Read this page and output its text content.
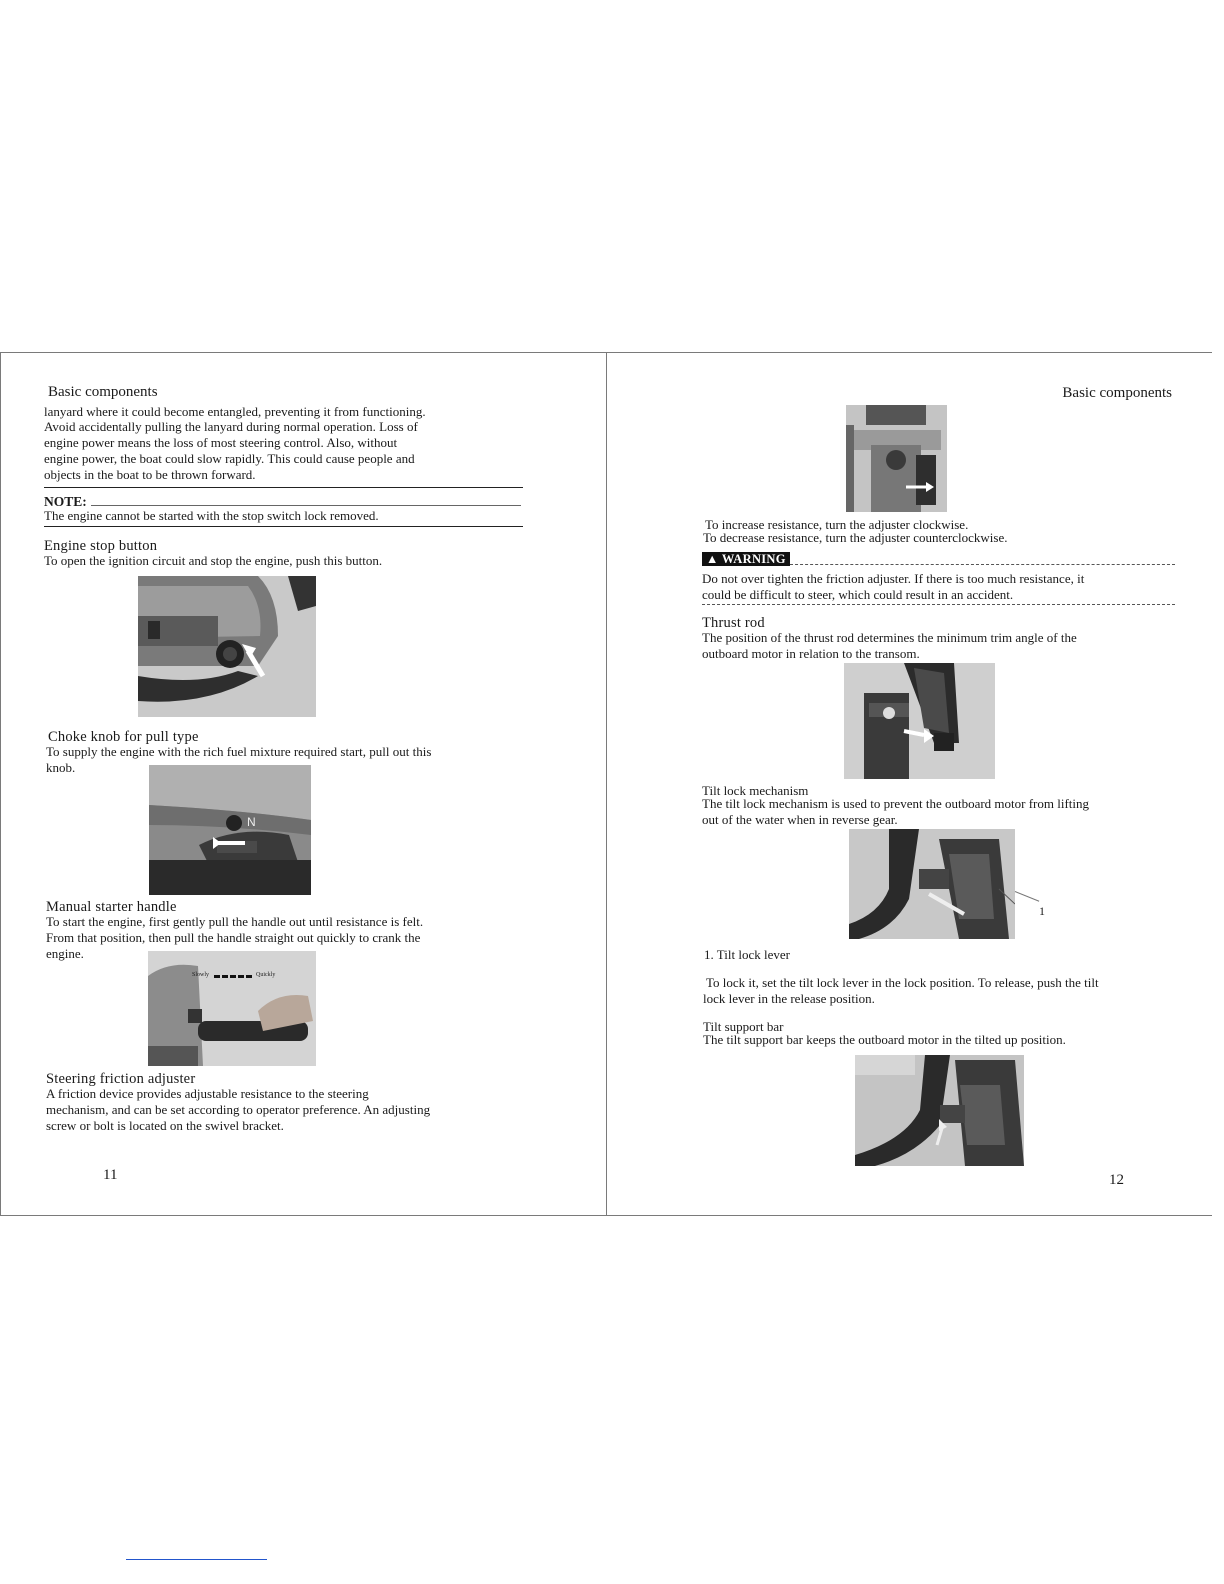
Basic components

lanyard where it could become entangled, preventing it from functioning.

Avoid accidentally pulling the lanyard during normal operation. Loss of

engine power means the loss of most steering control. Also, without

engine power, the boat could slow rapidly. This could cause people and

objects in the boat to be thrown forward.

NOTE:

The engine cannot be started with the stop switch lock removed.

Engine stop button

To open the ignition circuit and stop the engine, push this button.

Choke knob for pull type

To supply the engine with the rich fuel mixture required start, pull out this

knob.

N

Manual starter handle

To start the engine, first gently pull the handle out until resistance is felt.

From that position, then pull the handle straight out quickly to crank the

engine.

Slowly	Quickly

Steering friction adjuster

A friction device provides adjustable resistance to the steering

mechanism, and can be set according to operator preference. An adjusting

screw or bolt is located on the swivel bracket.

11
Basic components

To increase resistance, turn the adjuster clockwise.

To decrease resistance, turn the adjuster counterclockwise.

▲ WARNING

Do not over tighten the friction adjuster. If there is too much resistance, it

could be difficult to steer, which could result in an accident.

Thrust rod

The position of the thrust rod determines the minimum trim angle of the

outboard motor in relation to the transom.

Tilt lock mechanism

The tilt lock mechanism is used to prevent the outboard motor from lifting

out of the water when in reverse gear.

1

1. Tilt lock lever

To lock it, set the tilt lock lever in the lock position. To release, push the tilt

lock lever in the release position.

Tilt support bar

The tilt support bar keeps the outboard motor in the tilted up position.

12
